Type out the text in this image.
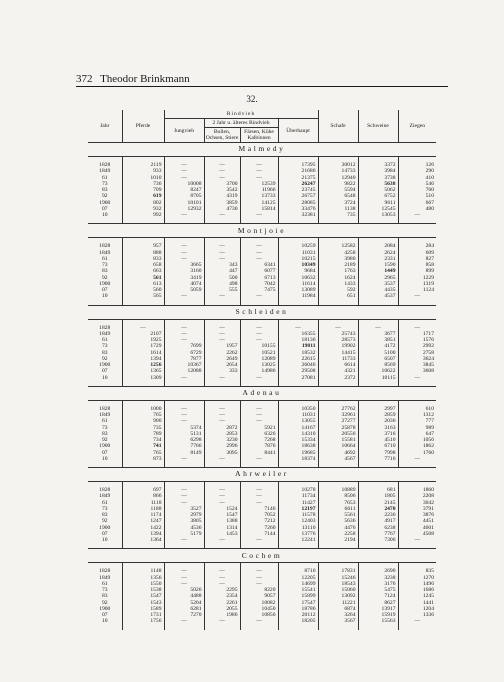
372 Theodor Brinkmann
32.
Jahr	Pferde	Rindvieh				Schafe	Schweine	Ziegen
		Jungvieh	2 Jahr u. älteres Rindvieh		Überhaupt			
			Bullen, Ochsen, Stiere	Färsen, Kühe Kalbinnen				
Malmedy								
1828	2119	—	—	—	17395	30012	3372	126
1849	933	—	—	—	21686	14733	3984	290
61	1010	—	—	—	21375	12940	3738	410
73	736	10008	3700	12539	26247	9822	5638	546
83	709	8247	3542	11966	23745	5594	5062	760
92	619	8705	4319	13733	26757	6548	6752	510
1900	802	10101	3859	14125	28085	3724	9611	667
07	932	12932	4730	15814	33476	1138	12545	480
10	992	—	—	—	32381	735	13053	—
Montjoie								
1828	957	—	—	—	10259	12582	2084	284
1849	888	—	—	—	11031	4258	2624	609
61	833	—	—	—	10215	3980	2331	827
73	658	3665	343	6341	10349	2189	1590	858
83	663	3160	447	6077	9684	1763	1449	899
92	561	3419	500	6713	10632	1624	2965	1229
1900	613	4074	498	7042	11614	1433	3537	1319
07	560	5059	555	7475	13089	592	4435	1124
10	565	—	—	—	11984	651	4537	—
Schleiden								
1828	—	—	—	—	—	—	—	—
1849	2107	—	—	—	16355	25743	3677	1717
61	1925	—	—	—	18136	28573	3851	1576
73	1729	7699	1957	10155	19811	19902	4172	2992
83	1614	6729	2262	10521	18532	14415	5100	2758
92	1394	7877	2649	12089	22615	11733	6507	3624
1900	1256	10367	2654	13025	26046	6614	8569	3845
07	1365	12088	333	14986	29508	4321	10622	3608
10	1309	—	—	—	27081	2372	10115	—
Adenau								
1828	1000	—	—	—	10350	27762	2997	610
1849	765	—	—	—	11031	32961	2859	1312
61	900	—	—	—	13055	27277	2036	777
73	735	5374	2872	5921	14167	25878	3163	989
83	789	5131	2853	6326	14310	20556	3716	647
92	734	6298	3230	7268	15334	15581	4510	1056
1900	741	7766	2996	7876	18638	10664	6710	1862
07	765	8149	3095	8441	19685	4692	7998	1760
10	873	—	—	—	18374	4567	7716	—
Ahrweiler								
1828	697	—	—	—	10278	10889	681	1860
1849	866	—	—	—	11734	8506	1805	2208
61	1118	—	—	—	11427	7653	2145	3042
73	1188	3527	1524	7146	12197	6611	2470	3791
83	1174	2979	1547	7052	11578	5561	2236	3876
92	1247	3805	1388	7212	12403	5636	4917	4451
1900	1422	4536	1314	7260	13110	4476	6238	4601
07	1394	5179	1453	7144	13776	2258	7767	4508
10	1364	—	—	—	12241	2194	7306	—
Cochem								
1828	1148	—	—	—	8716	17831	2690	835
1849	1356	—	—	—	12205	15246	3238	1270
61	1550	—	—	—	14699	18543	3176	1496
73	1538	5026	2295	8220	15541	15060	5475	1686
83	1547	4488	2354	9057	15899	13092	7124	1245
92	1543	5204	2261	10082	17547	11221	8627	1441
1900	1589	6281	2055	10450	18786	6874	13917	1204
07	1731	7270	1986	10856	20112	3264	15919	1336
10	1756	—	—	—	18205	3567	15563	—
